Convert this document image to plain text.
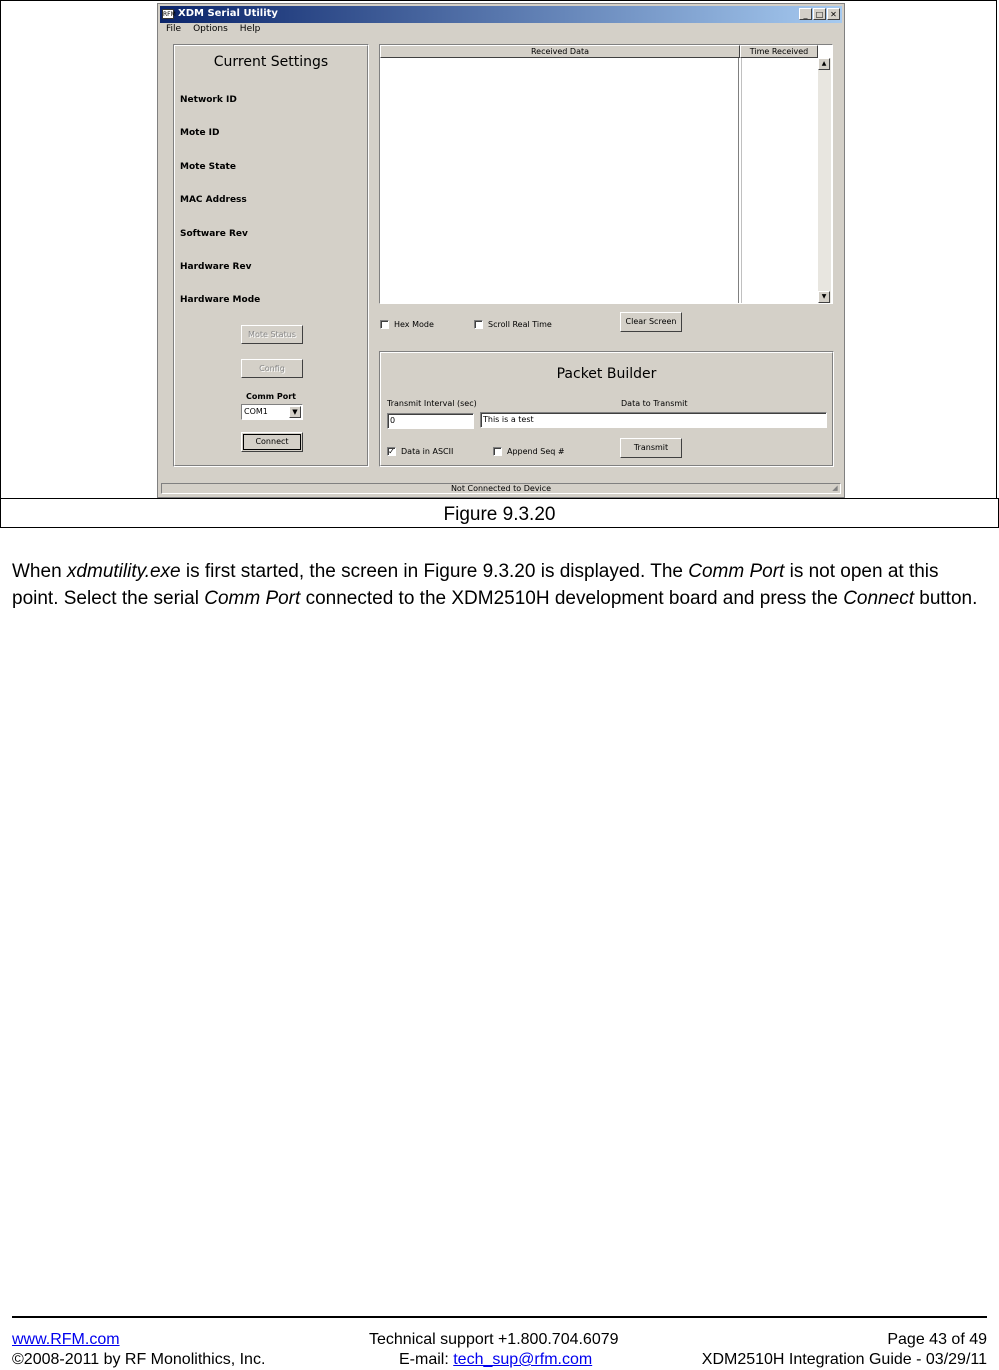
RFM XDM Serial Utility	_	□ ✕
File Options Help
Current Settings
Network ID
Mote ID
Mote State
MAC Address
Software Rev
Hardware Rev
Hardware Mode
Mote Status
Config
Comm Port
COM1	▼
Connect
Received Data	Time Received
▲
▼
Hex Mode	Scroll Real Time	Clear Screen
Packet Builder
Transmit Interval (sec)	Data to Transmit
0	This is a test
✓ Data in ASCII	Append Seq #	Transmit
Not Connected to Device	◢
Figure 9.3.20

When xdmutility.exe is first started, the screen in Figure 9.3.20 is displayed. The Comm Port is not open at this point. Select the serial Comm Port connected to the XDM2510H development board and press the Connect button.

www.RFM.com
©2008-2011 by RF Monolithics, Inc.
Technical support +1.800.704.6079
E-mail: tech_sup@rfm.com
Page 43 of 49
XDM2510H Integration Guide - 03/29/11
